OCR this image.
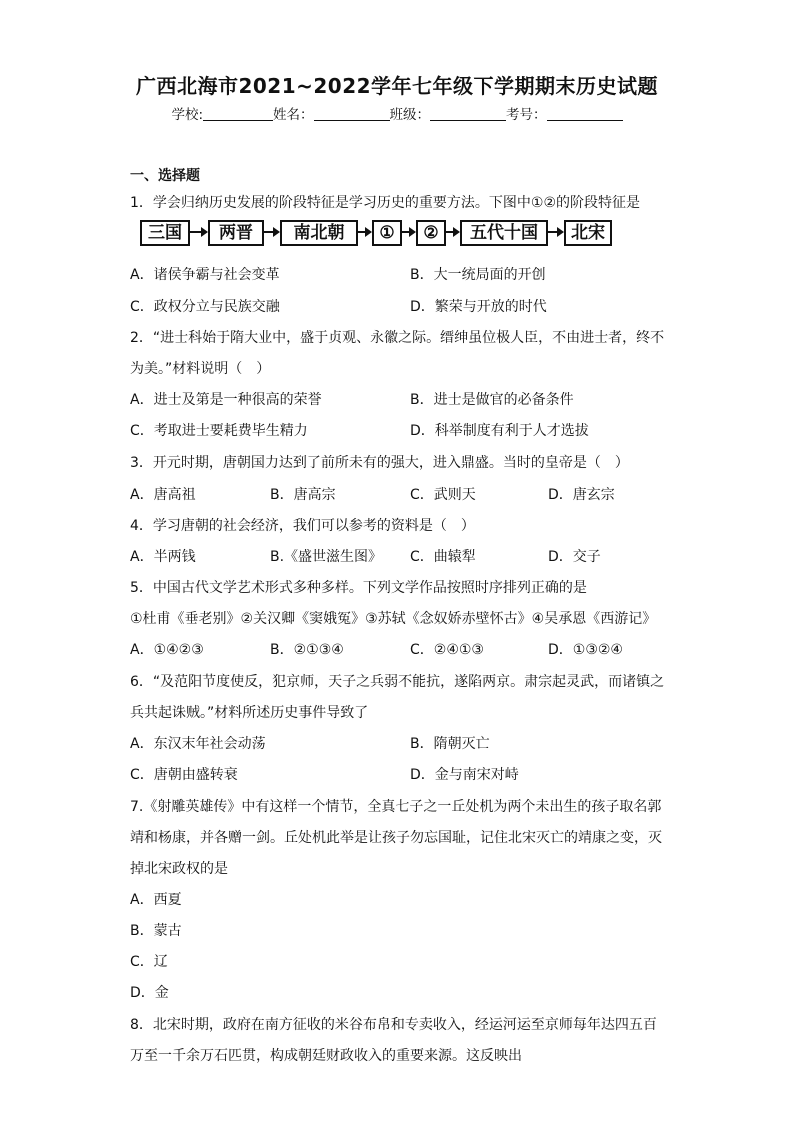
广西北海市2021~2022学年七年级下学期期末历史试题
学校:	姓名：	班级：	考号：
一、选择题
1．学会归纳历史发展的阶段特征是学习历史的重要方法。下图中①②的阶段特征是
三国	两晋	南北朝	①	②	五代十国	北宋
A．诸侯争霸与社会变革	B．大一统局面的开创
C．政权分立与民族交融	D．繁荣与开放的时代
2．“进士科始于隋大业中，盛于贞观、永徽之际。缙绅虽位极人臣，不由进士者，终不
为美。”材料说明（　）
A．进士及第是一种很高的荣誉	B．进士是做官的必备条件
C．考取进士要耗费毕生精力	D．科举制度有利于人才选拔
3．开元时期，唐朝国力达到了前所未有的强大，进入鼎盛。当时的皇帝是（　）
A．唐高祖	B．唐高宗	C．武则天	D．唐玄宗
4．学习唐朝的社会经济，我们可以参考的资料是（　）
A．半两钱	B.《盛世滋生图》 C．曲辕犁	D．交子
5．中国古代文学艺术形式多种多样。下列文学作品按照时序排列正确的是
①杜甫《垂老别》②关汉卿《窦娥冤》③苏轼《念奴娇赤壁怀古》④吴承恩《西游记》
A．①④②③	B．②①③④	C．②④①③	D．①③②④
6．“及范阳节度使反，犯京师，天子之兵弱不能抗，遂陷两京。肃宗起灵武，而诸镇之
兵共起诛贼。”材料所述历史事件导致了
A．东汉末年社会动荡	B．隋朝灭亡
C．唐朝由盛转衰	D．金与南宋对峙
7.《射雕英雄传》中有这样一个情节，全真七子之一丘处机为两个未出生的孩子取名郭
靖和杨康，并各赠一剑。丘处机此举是让孩子勿忘国耻，记住北宋灭亡的靖康之变，灭
掉北宋政权的是
A．西夏
B．蒙古
C．辽
D．金
8．北宋时期，政府在南方征收的米谷布帛和专卖收入，经运河运至京师每年达四五百
万至一千余万石匹贯，构成朝廷财政收入的重要来源。这反映出
